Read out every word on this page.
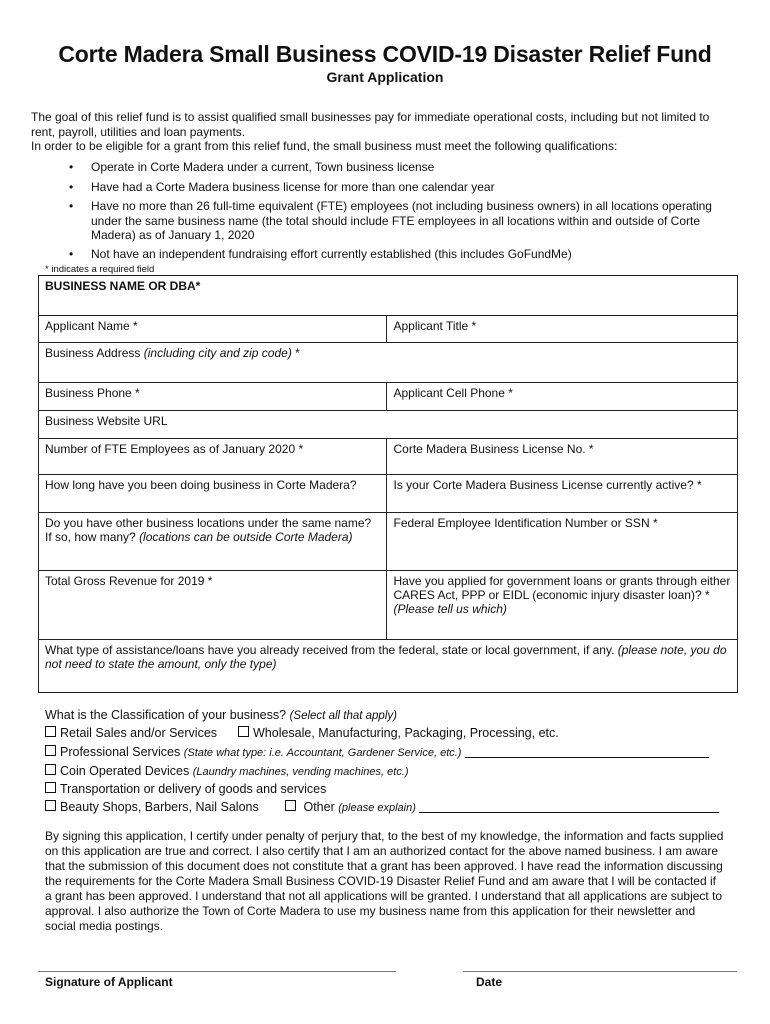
Corte Madera Small Business COVID-19 Disaster Relief Fund
Grant Application

The goal of this relief fund is to assist qualified small businesses pay for immediate operational costs, including but not limited to rent, payroll, utilities and loan payments.

In order to be eligible for a grant from this relief fund, the small business must meet the following qualifications:

• Operate in Corte Madera under a current, Town business license
• Have had a Corte Madera business license for more than one calendar year
• Have no more than 26 full-time equivalent (FTE) employees (not including business owners) in all locations operating under the same business name (the total should include FTE employees in all locations within and outside of Corte Madera) as of January 1, 2020
• Not have an independent fundraising effort currently established (this includes GoFundMe)
* indicates a required field
BUSINESS NAME OR DBA*	
Applicant Name *	Applicant Title *
Business Address (including city and zip code) *	
Business Phone *	Applicant Cell Phone *
Business Website URL	
Number of FTE Employees as of January 2020 *	Corte Madera Business License No. *
How long have you been doing business in Corte Madera?	Is your Corte Madera Business License currently active? *
Do you have other business locations under the same name? If so, how many? (locations can be outside Corte Madera)	Federal Employee Identification Number or SSN *
Total Gross Revenue for 2019 *	Have you applied for government loans or grants through either CARES Act, PPP or EIDL (economic injury disaster loan)? * (Please tell us which)
What type of assistance/loans have you already received from the federal, state or local government, if any. (please note, you do not need to state the amount, only the type)	
What is the Classification of your business? (Select all that apply)
Retail Sales and/or Services	Wholesale, Manufacturing, Packaging, Processing, etc.
Professional Services (State what type: i.e. Accountant, Gardener Service, etc.)
Coin Operated Devices (Laundry machines, vending machines, etc.)
Transportation or delivery of goods and services
Beauty Shops, Barbers, Nail Salons	Other (please explain)
By signing this application, I certify under penalty of perjury that, to the best of my knowledge, the information and facts supplied on this application are true and correct. I also certify that I am an authorized contact for the above named business. I am aware that the submission of this document does not constitute that a grant has been approved. I have read the information discussing the requirements for the Corte Madera Small Business COVID-19 Disaster Relief Fund and am aware that I will be contacted if a grant has been approved. I understand that not all applications will be granted. I understand that all applications are subject to approval. I also authorize the Town of Corte Madera to use my business name from this application for their newsletter and social media postings.
Signature of Applicant	Date
